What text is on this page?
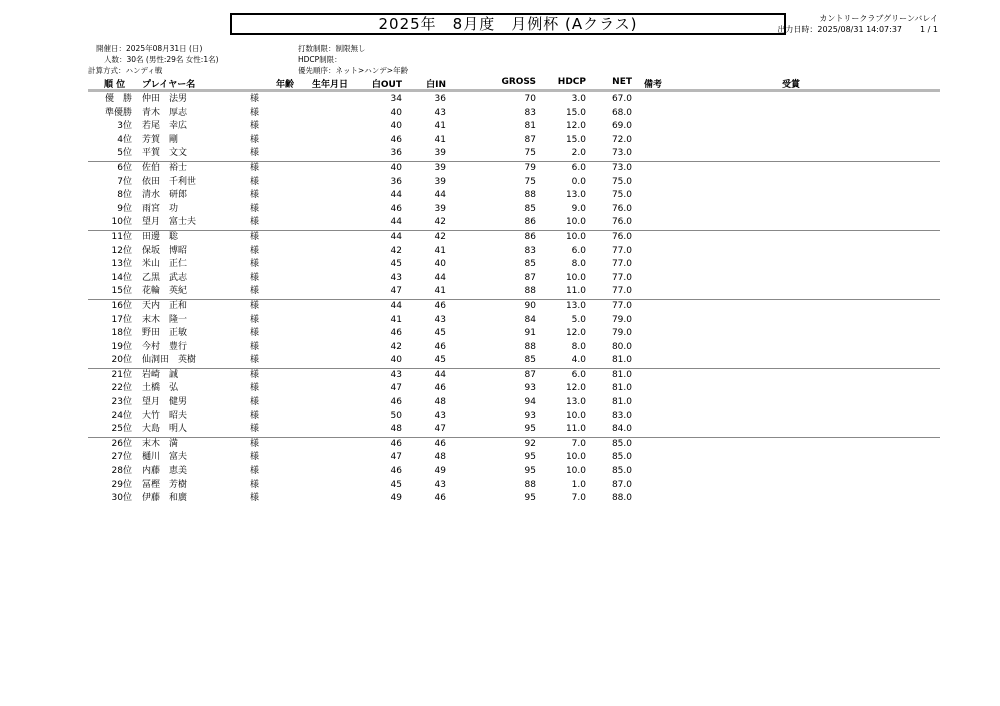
2025年　8月度　月例杯 (Aクラス)	カントリークラブグリーンバレイ
出力日時：2025/08/31 14:07:37 1 / 1
開催日：2025年08月31日 (日)
人数：30名 (男性:29名 女性:1名)
計算方式：ハンディ戦
打数制限：制限無し
HDCP制限：
優先順序：ネット>ハンデ>年齢
順 位 プレイヤー名	年齢 生年月日	白OUT	白IN	GROSS	HDCP	NET 備考	受賞
優　勝 仲田　法男	様	34	36	70	3.0	67.0
準優勝 青木　厚志	様	40	43	83	15.0	68.0
3位 若尾　幸広	様	40	41	81	12.0	69.0
4位 芳賀　剛	様	46	41	87	15.0	72.0
5位 平賀　文文	様	36	39	75	2.0	73.0
6位 佐伯　裕士	様	40	39	79	6.0	73.0
7位 依田　千利世	様	36	39	75	0.0	75.0
8位 清水　研郎	様	44	44	88	13.0	75.0
9位 雨宮　功	様	46	39	85	9.0	76.0
10位 望月　富士夫	様	44	42	86	10.0	76.0
11位 田邊　聡	様	44	42	86	10.0	76.0
12位 保坂　博昭	様	42	41	83	6.0	77.0
13位 米山　正仁	様	45	40	85	8.0	77.0
14位 乙黒　武志	様	43	44	87	10.0	77.0
15位 花輪　英紀	様	47	41	88	11.0	77.0
16位 天内　正和	様	44	46	90	13.0	77.0
17位 末木　隆一	様	41	43	84	5.0	79.0
18位 野田　正敏	様	46	45	91	12.0	79.0
19位 今村　豊行	様	42	46	88	8.0	80.0
20位 仙洞田　英樹	様	40	45	85	4.0	81.0
21位 岩崎　誠	様	43	44	87	6.0	81.0
22位 土橋　弘	様	47	46	93	12.0	81.0
23位 望月　健男	様	46	48	94	13.0	81.0
24位 大竹　昭夫	様	50	43	93	10.0	83.0
25位 大島　明人	様	48	47	95	11.0	84.0
26位 末木　満	様	46	46	92	7.0	85.0
27位 樋川　富夫	様	47	48	95	10.0	85.0
28位 内藤　恵美	様	46	49	95	10.0	85.0
29位 冨樫　芳樹	様	45	43	88	1.0	87.0
30位 伊藤　和廣	様	49	46	95	7.0	88.0
